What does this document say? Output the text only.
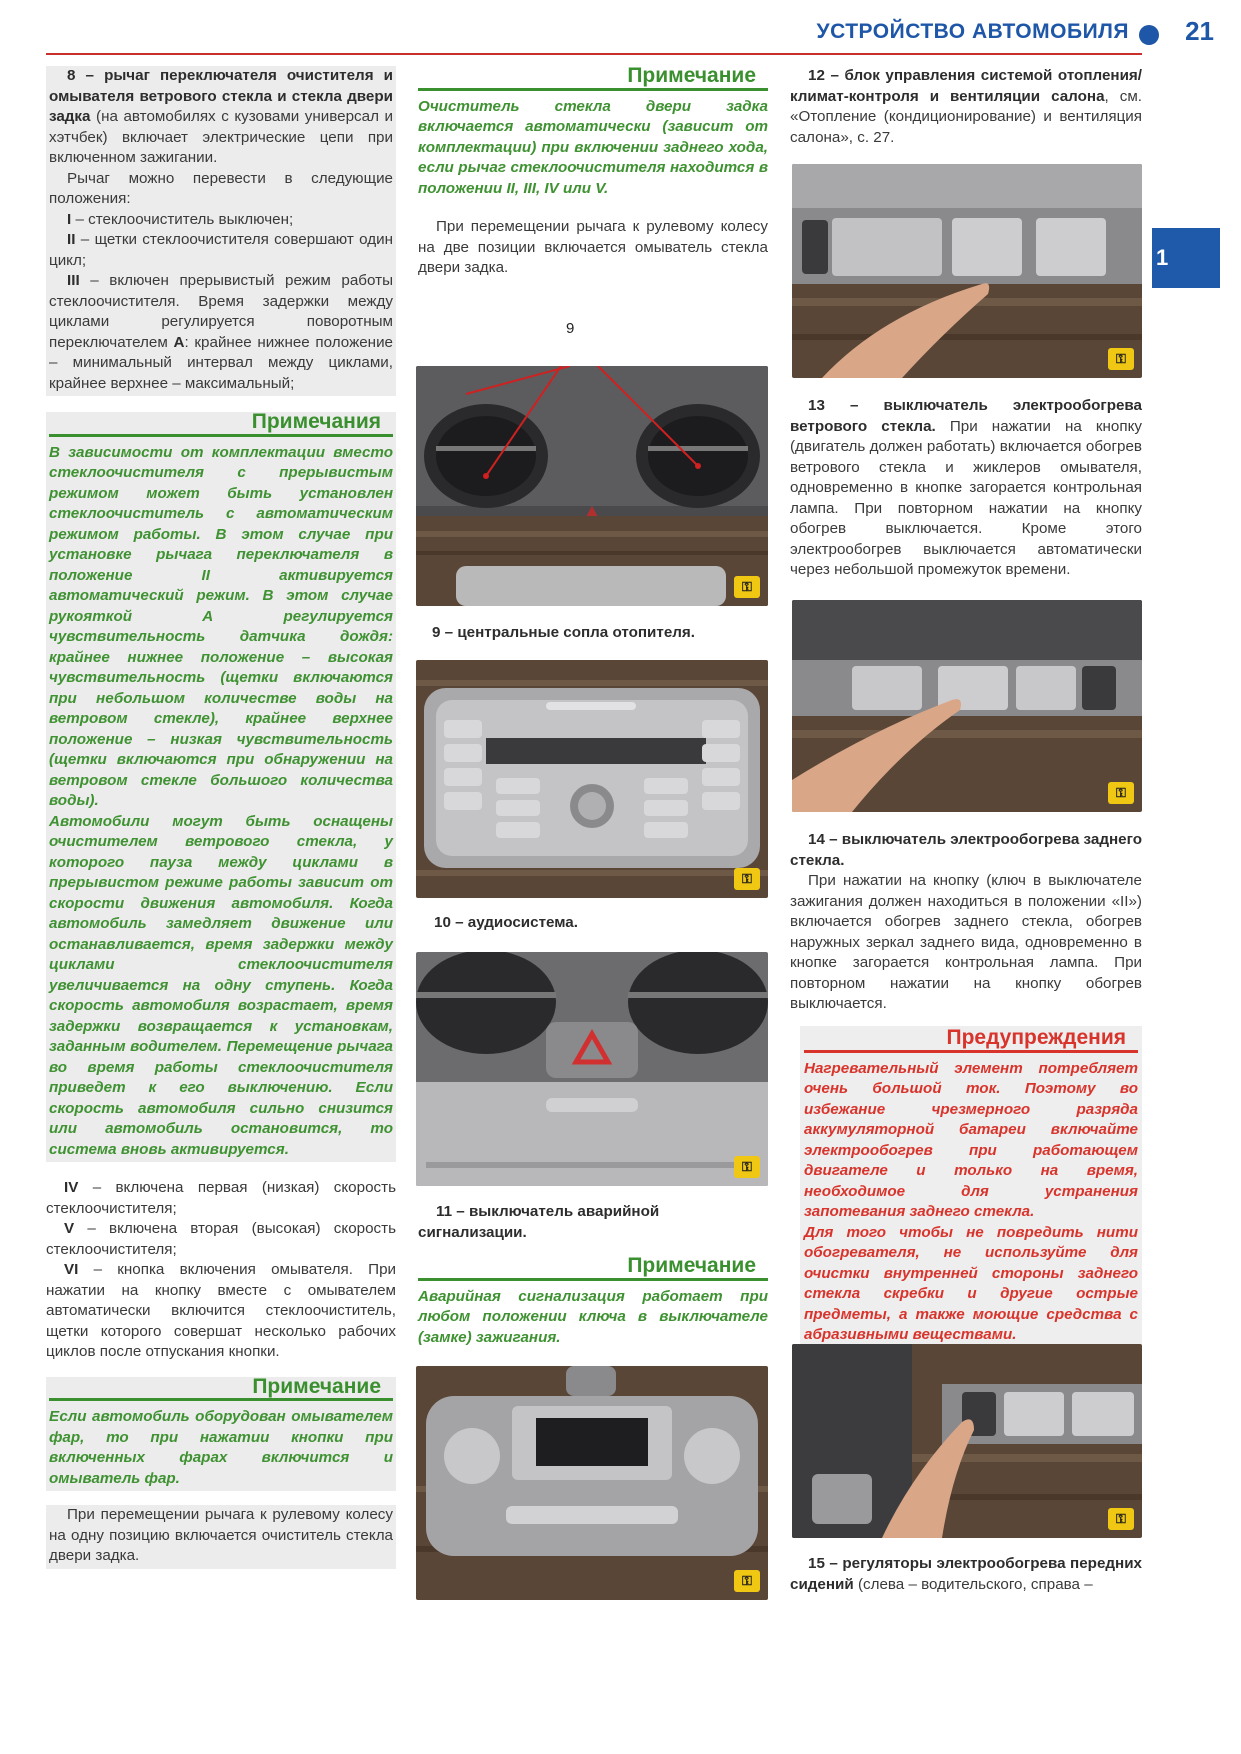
УСТРОЙСТВО АВТОМОБИЛЯ 21
1

8 – рычаг переключателя очистителя и омывателя ветрового стекла и стекла двери задка (на автомобилях с кузовами универсал и хэтчбек) включает электрические цепи при включенном зажигании.

Рычаг можно перевести в следующие положения:

I – стеклоочиститель выключен;

II – щетки стеклоочистителя совершают один цикл;

III – включен прерывистый режим работы стеклоочистителя. Время задержки между циклами регулируется поворотным переключателем А: крайнее нижнее положение – минимальный интервал между циклами, крайнее верхнее – максимальный;

Примечания

В зависимости от комплектации вместо стеклоочистителя с прерывистым режимом может быть установлен стеклоочиститель с автоматическим режимом работы. В этом случае при установке рычага переключателя в положение II активируется автоматический режим. В этом случае рукояткой А регулируется чувствительность датчика дождя: крайнее нижнее положение – высокая чувствительность (щетки включаются при небольшом количестве воды на ветровом стекле), крайнее верхнее положение – низкая чувствительность (щетки включаются при обнаружении на ветровом стекле большого количества воды).

Автомобили могут быть оснащены очистителем ветрового стекла, у которого пауза между циклами в прерывистом режиме работы зависит от скорости движения автомобиля. Когда автомобиль замедляет движение или останавливается, время задержки между циклами стеклоочистителя увеличивается на одну ступень. Когда скорость автомобиля возрастает, время задержки возвращается к установкам, заданным водителем. Перемещение рычага во время работы стеклоочистителя приведет к его выключению. Если скорость автомобиля сильно снизится или автомобиль остановится, то система вновь активируется.

IV – включена первая (низкая) скорость стеклоочистителя;

V – включена вторая (высокая) скорость стеклоочистителя;

VI – кнопка включения омывателя. При нажатии на кнопку вместе с омывателем автоматически включится стеклоочиститель, щетки которого совершат несколько рабочих циклов после отпускания кнопки.

Примечание

Если автомобиль оборудован омывателем фар, то при нажатии кнопки при включенных фарах включится и омыватель фар.

При перемещении рычага к рулевому колесу на одну позицию включается очиститель стекла двери задка.

Примечание

Очиститель стекла двери задка включается автоматически (зависит от комплектации) при включении заднего хода, если рычаг стеклоочистителя находится в положении II, III, IV или V.

При перемещении рычага к рулевому колесу на две позиции включается омыватель стекла двери задка.

9
⚿
9 – центральные сопла отопителя.
⚿
10 – аудиосистема.
⚿
11 – выключатель аварийной сигнализации.

Примечание

Аварийная сигнализация работает при любом положении ключа в выключателе (замке) зажигания.

⚿

12 – блок управления системой отопления/климат-контроля и вентиляции салона, см. «Отопление (кондиционирование) и вентиляция салона», с. 27.

⚿

13 – выключатель электрообогрева ветрового стекла. При нажатии на кнопку (двигатель должен работать) включается обогрев ветрового стекла и жиклеров омывателя, одновременно в кнопке загорается контрольная лампа. При повторном нажатии на кнопку обогрев выключается. Кроме этого электрообогрев выключается автоматически через небольшой промежуток времени.

⚿

14 – выключатель электрообогрева заднего стекла.

При нажатии на кнопку (ключ в выключателе зажигания должен находиться в положении «II») включается обогрев заднего стекла, обогрев наружных зеркал заднего вида, одновременно в кнопке загорается контрольная лампа. При повторном нажатии на кнопку обогрев выключается.

Предупреждения

Нагревательный элемент потребляет очень большой ток. Поэтому во избежание чрезмерного разряда аккумуляторной батареи включайте электрообогрев при работающем двигателе и только на время, необходимое для устранения запотевания заднего стекла.

Для того чтобы не повредить нити обогревателя, не используйте для очистки внутренней стороны заднего стекла скребки и другие острые предметы, а также моющие средства с абразивными веществами.

⚿

15 – регуляторы электрообогрева передних сидений (слева – водительского, справа –
